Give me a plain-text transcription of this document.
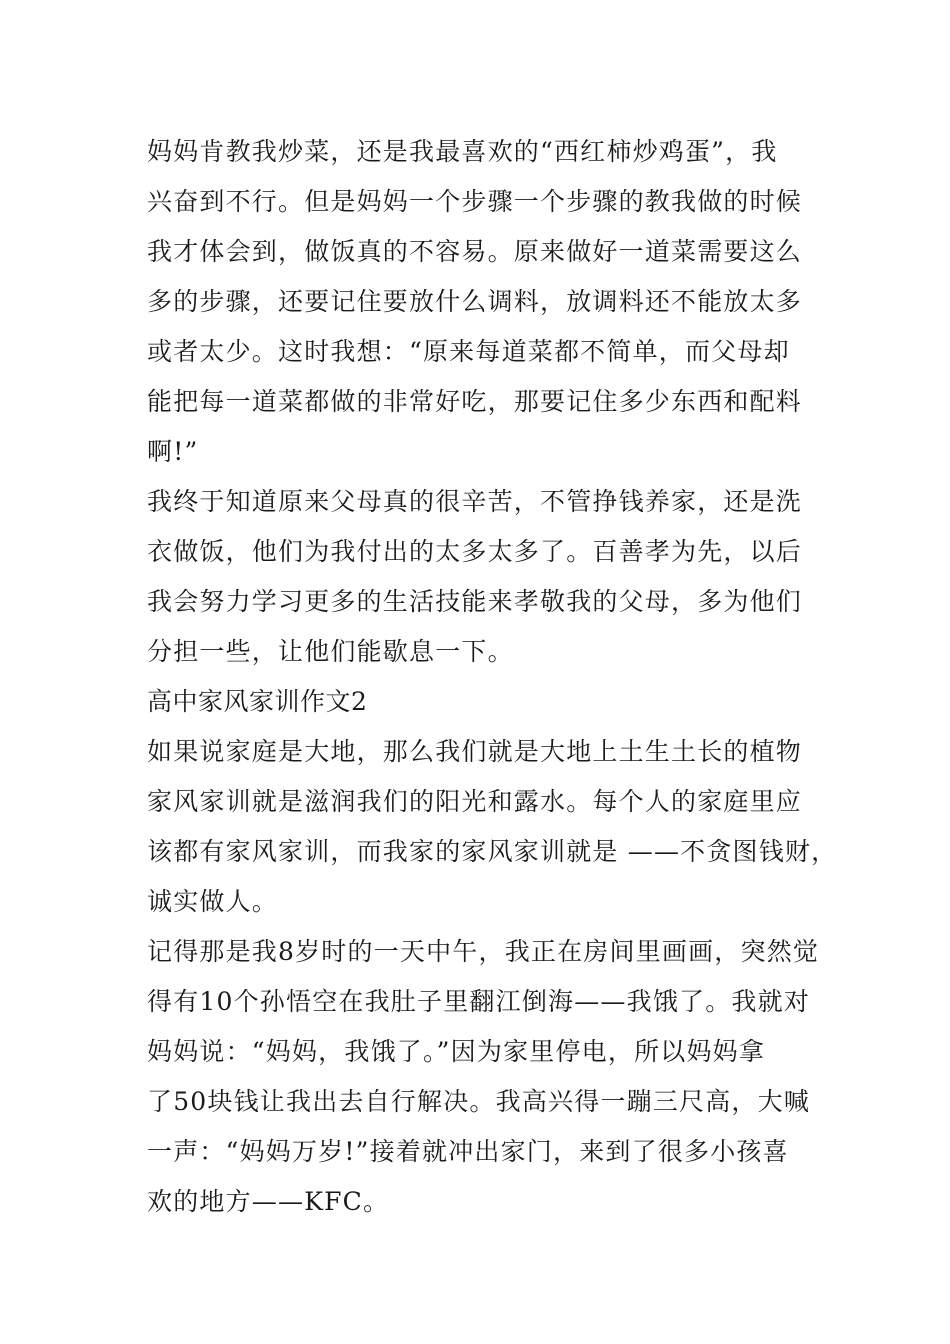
妈妈肯教我炒菜，还是我最喜欢的“西红柿炒鸡蛋”，我
兴奋到不行。但是妈妈一个步骤一个步骤的教我做的时候
我才体会到，做饭真的不容易。原来做好一道菜需要这么
多的步骤，还要记住要放什么调料，放调料还不能放太多
或者太少。这时我想：“原来每道菜都不简单，而父母却
能把每一道菜都做的非常好吃，那要记住多少东西和配料
啊!”
我终于知道原来父母真的很辛苦，不管挣钱养家，还是洗
衣做饭，他们为我付出的太多太多了。百善孝为先，以后
我会努力学习更多的生活技能来孝敬我的父母，多为他们
分担一些，让他们能歇息一下。
高中家风家训作文2
如果说家庭是大地，那么我们就是大地上土生土长的植物
家风家训就是滋润我们的阳光和露水。每个人的家庭里应
该都有家风家训，而我家的家风家训就是 ——不贪图钱财，
诚实做人。
记得那是我8岁时的一天中午，我正在房间里画画，突然觉
得有10个孙悟空在我肚子里翻江倒海——我饿了。我就对
妈妈说：“妈妈，我饿了。”因为家里停电，所以妈妈拿
了50块钱让我出去自行解决。我高兴得一蹦三尺高，大喊
一声：“妈妈万岁!”接着就冲出家门，来到了很多小孩喜
欢的地方——KFC。
